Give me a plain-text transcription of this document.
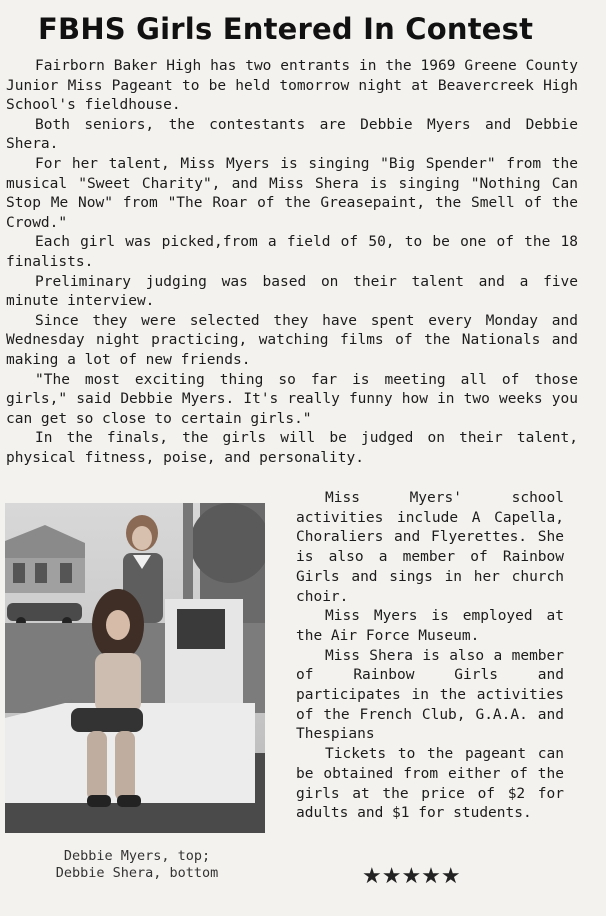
FBHS Girls Entered In Contest

Fairborn Baker High has two entrants in the 1969 Greene County Junior Miss Pageant to be held tomorrow night at Beavercreek High School's fieldhouse.

Both seniors, the contestants are Debbie Myers and Debbie Shera.

For her talent, Miss Myers is singing "Big Spender" from the musical "Sweet Charity", and Miss Shera is singing "Nothing Can Stop Me Now" from "The Roar of the Greasepaint, the Smell of the Crowd."

Each girl was picked,from a field of 50, to be one of the 18 finalists.

Preliminary judging was based on their talent and a five minute interview.

Since they were selected they have spent every Monday and Wednesday night practicing, watching films of the Nationals and making a lot of new friends.

"The most exciting thing so far is meeting all of those girls," said Debbie Myers. It's really funny how in two weeks you can get so close to certain girls."

In the finals, the girls will be judged on their talent, physical fitness, poise, and personality.

Debbie Myers, top;
Debbie Shera, bottom

Miss Myers' school activities include A Capella, Choraliers and Flyerettes. She is also a member of Rainbow Girls and sings in her church choir.

Miss Myers is employed at the Air Force Museum.

Miss Shera is also a member of Rainbow Girls and participates in the activities of the French Club, G.A.A. and Thespians

Tickets to the pageant can be obtained from either of the girls at the price of $2 for adults and $1 for students.

★★★★★
